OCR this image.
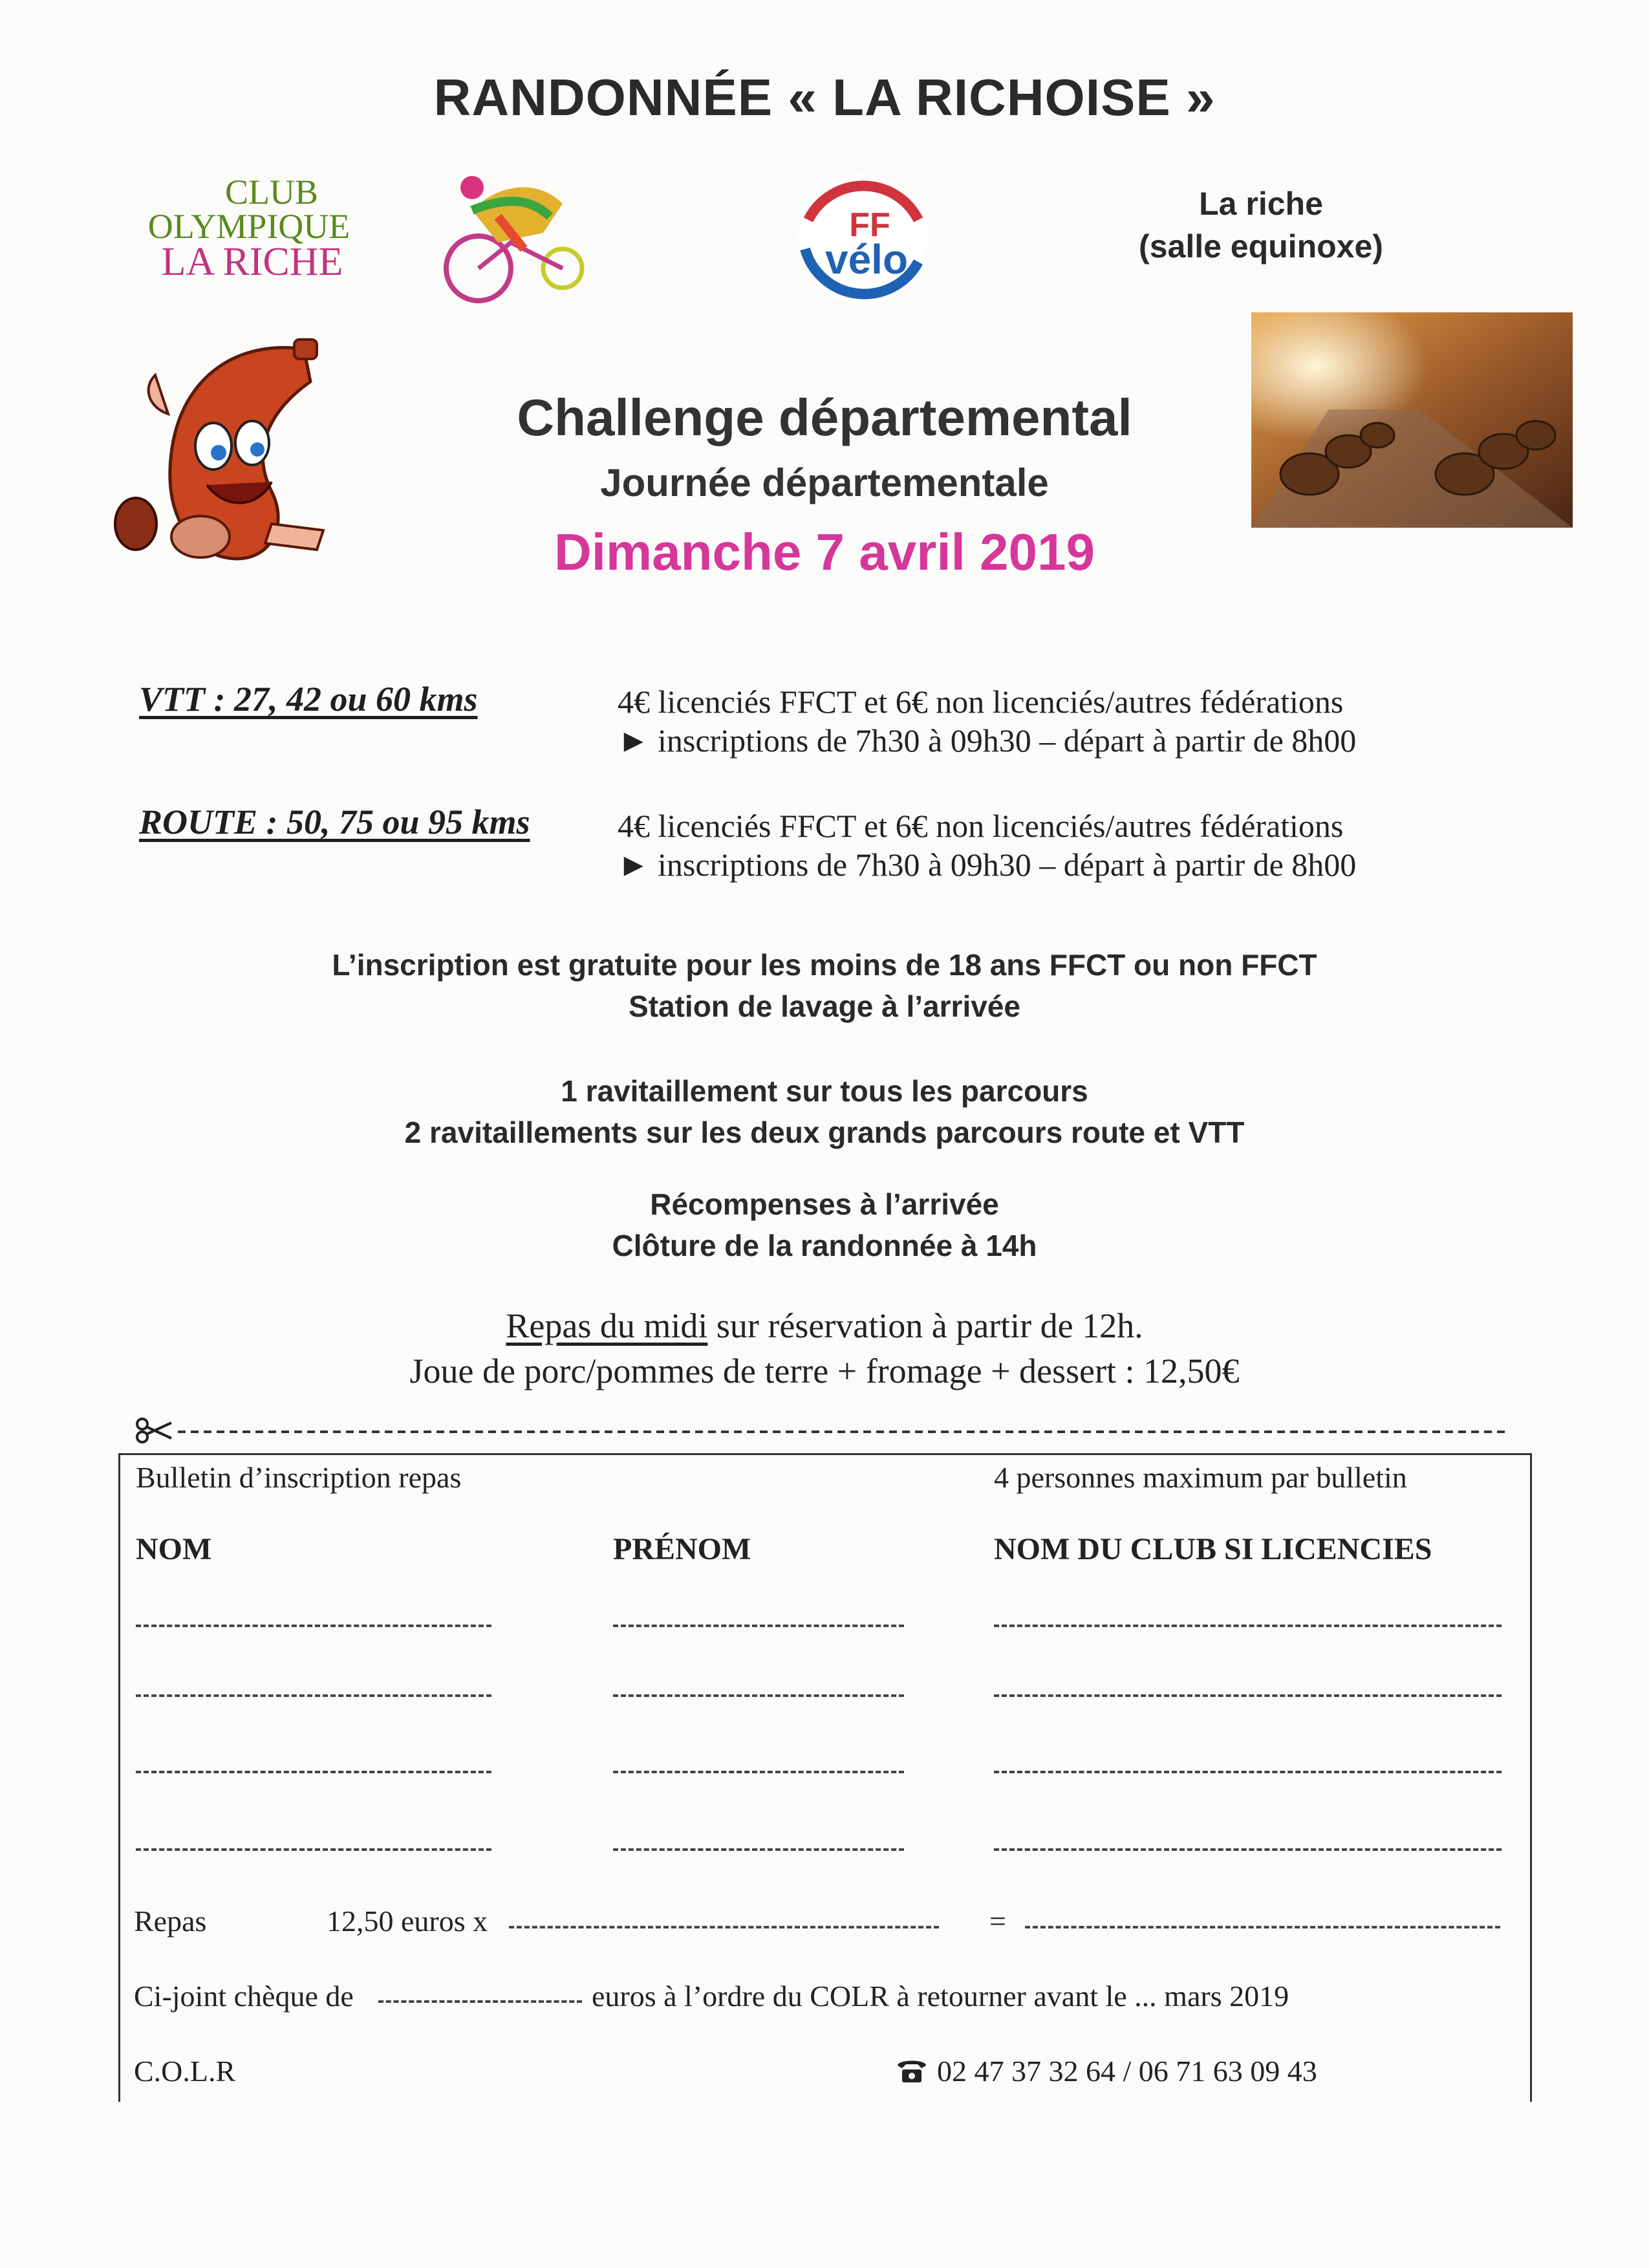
RANDONNÉE « LA RICHOISE »
CLUB
OLYMPIQUE
LA RICHE
FF
vélo
La riche
(salle equinoxe)
Challenge départemental
Journée départementale
Dimanche 7 avril 2019
VTT : 27, 42 ou 60 kms	4€ licenciés FFCT et 6€ non licenciés/autres fédérations
► inscriptions de 7h30 à 09h30 – départ à partir de 8h00
ROUTE : 50, 75 ou 95 kms	4€ licenciés FFCT et 6€ non licenciés/autres fédérations
► inscriptions de 7h30 à 09h30 – départ à partir de 8h00
L’inscription est gratuite pour les moins de 18 ans FFCT ou non FFCT
Station de lavage à l’arrivée
1 ravitaillement sur tous les parcours
2 ravitaillements sur les deux grands parcours route et VTT
Récompenses à l’arrivée
Clôture de la randonnée à 14h
Repas du midi sur réservation à partir de 12h.
Joue de porc/pommes de terre + fromage + dessert : 12,50€
Bulletin d’inscription repas	4 personnes maximum par bulletin
NOM	PRÉNOM	NOM DU CLUB SI LICENCIES
Repas	12,50 euros x	=
Ci-joint chèque de	euros à l’ordre du COLR à retourner avant le ... mars 2019
C.O.L.R	02 47 37 32 64 / 06 71 63 09 43
